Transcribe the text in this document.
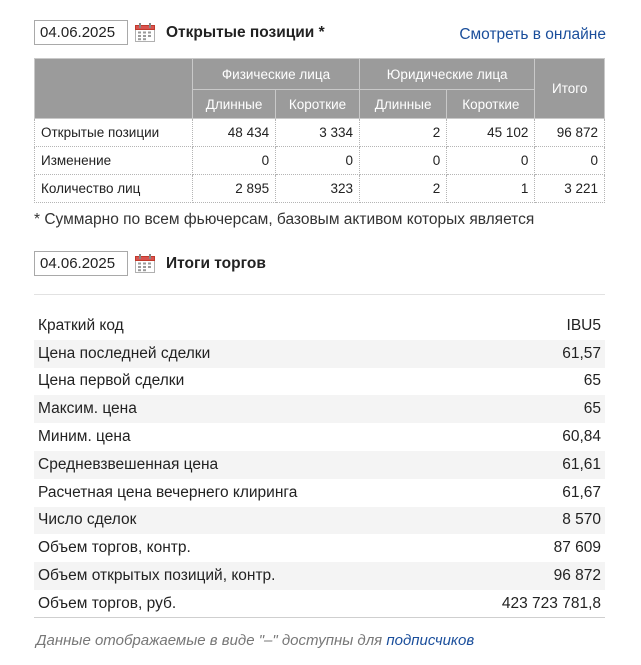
04.06.2025	Открытые позиции *	Смотреть в онлайне
	Физические лица		Юридические лица		Итого
	Длинные	Короткие	Длинные	Короткие	
Открытые позиции	48 434	3 334	2	45 102	96 872
Изменение	0	0	0	0	0
Количество лиц	2 895	323	2	1	3 221
* Суммарно по всем фьючерсам, базовым активом которых является
04.06.2025	Итоги торгов
Краткий код	IBU5
Цена последней сделки	61,57
Цена первой сделки	65
Максим. цена	65
Миним. цена	60,84
Средневзвешенная цена	61,61
Расчетная цена вечернего клиринга	61,67
Число сделок	8 570
Объем торгов, контр.	87 609
Объем открытых позиций, контр.	96 872
Объем торгов, руб.	423 723 781,8
Данные отображаемые в виде "–" доступны для подписчиков
